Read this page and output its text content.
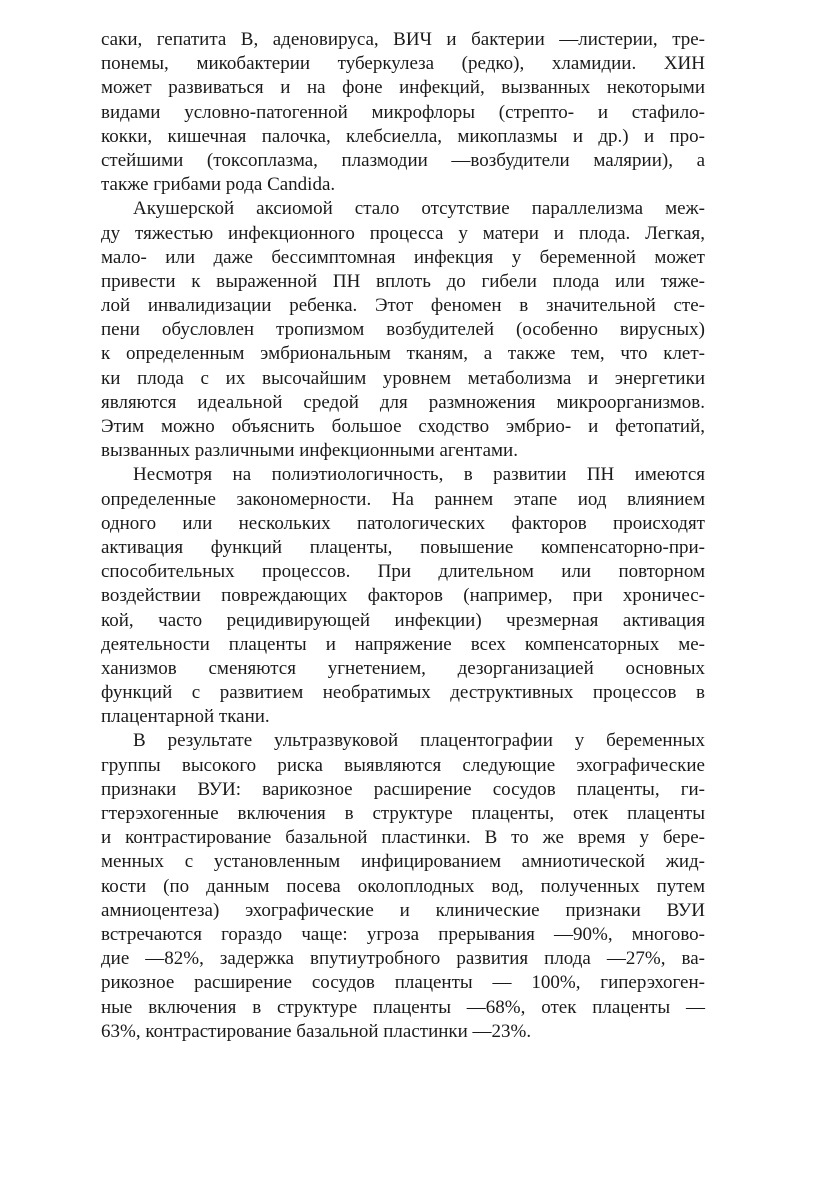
саки, гепатита В, аденовируса, ВИЧ и бактерии —листерии, тре-
понемы, микобактерии туберкулеза (редко), хламидии. ХИН
может развиваться и на фоне инфекций, вызванных некоторыми
видами условно-патогенной микрофлоры (стрепто- и стафило-
кокки, кишечная палочка, клебсиелла, микоплазмы и др.) и про-
стейшими (токсоплазма, плазмодии —возбудители малярии), а
также грибами рода Candida.
Акушерской аксиомой стало отсутствие параллелизма меж-
ду тяжестью инфекционного процесса у матери и плода. Легкая,
мало- или даже бессимптомная инфекция у беременной может
привести к выраженной ПН вплоть до гибели плода или тяже-
лой инвалидизации ребенка. Этот феномен в значительной сте-
пени обусловлен тропизмом возбудителей (особенно вирусных)
к определенным эмбриональным тканям, а также тем, что клет-
ки плода с их высочайшим уровнем метаболизма и энергетики
являются идеальной средой для размножения микроорганизмов.
Этим можно объяснить большое сходство эмбрио- и фетопатий,
вызванных различными инфекционными агентами.
Несмотря на полиэтиологичность, в развитии ПН имеются
определенные закономерности. На раннем этапе иод влиянием
одного или нескольких патологических факторов происходят
активация функций плаценты, повышение компенсаторно-при-
способительных процессов. При длительном или повторном
воздействии повреждающих факторов (например, при хроничес-
кой, часто рецидивирующей инфекции) чрезмерная активация
деятельности плаценты и напряжение всех компенсаторных ме-
ханизмов сменяются угнетением, дезорганизацией основных
функций с развитием необратимых деструктивных процессов в
плацентарной ткани.
В результате ультразвуковой плацентографии у беременных
группы высокого риска выявляются следующие эхографические
признаки ВУИ: варикозное расширение сосудов плаценты, ги-
гтерэхогенные включения в структуре плаценты, отек плаценты
и контрастирование базальной пластинки. В то же время у бере-
менных с установленным инфицированием амниотической жид-
кости (по данным посева околоплодных вод, полученных путем
амниоцентеза) эхографические и клинические признаки ВУИ
встречаются гораздо чаще: угроза прерывания —90%, многово-
дие —82%, задержка впутиутробного развития плода —27%, ва-
рикозное расширение сосудов плаценты — 100%, гиперэхоген-
ные включения в структуре плаценты —68%, отек плаценты —
63%, контрастирование базальной пластинки —23%.
